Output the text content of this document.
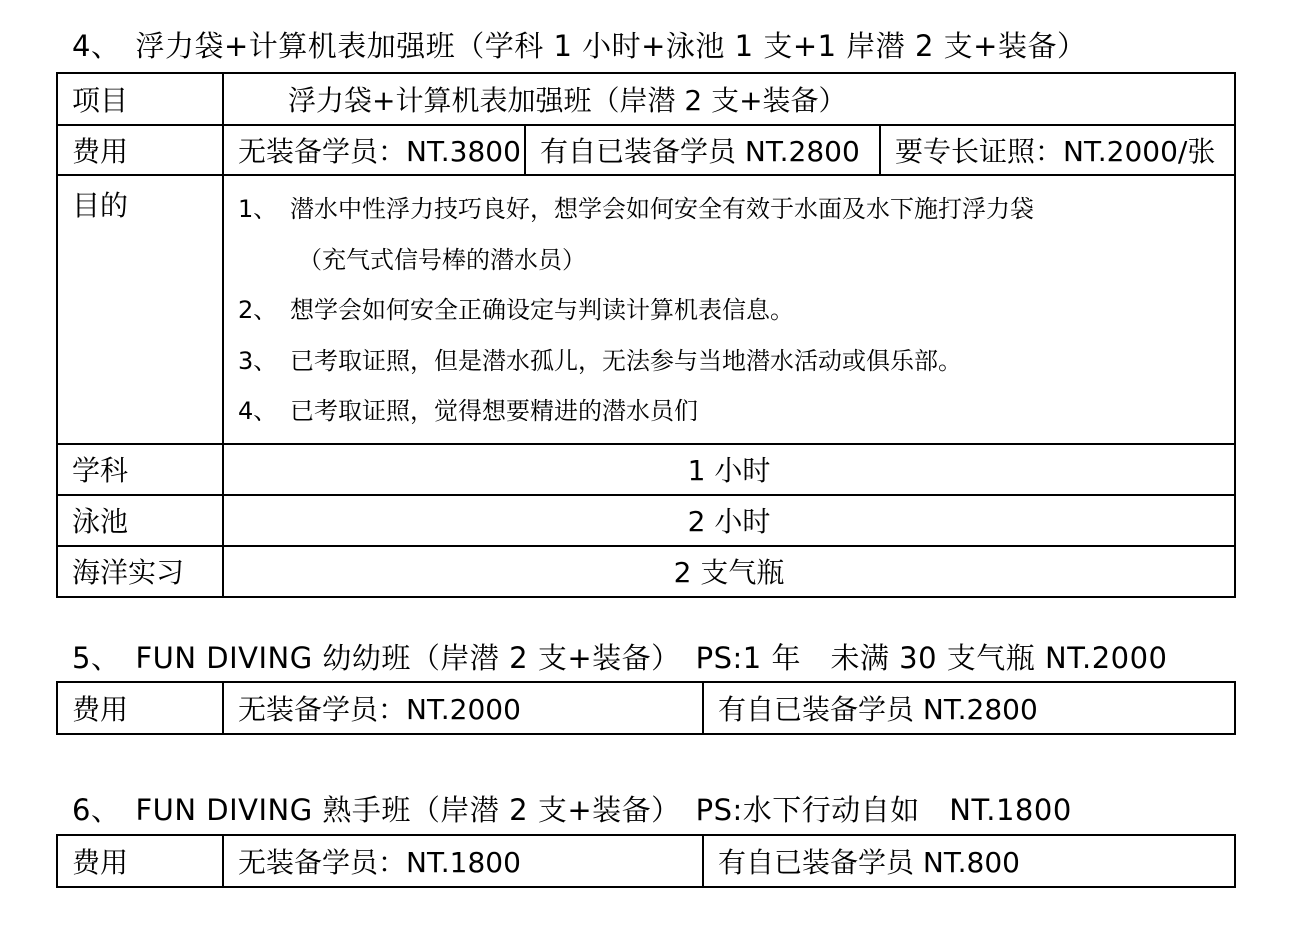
4、　浮力袋+计算机表加强班（学科 1 小时+泳池 1 支+1 岸潜 2 支+装备）
项目	浮力袋+计算机表加强班（岸潜 2 支+装备）		
费用	无装备学员：NT.3800	有自已装备学员 NT.2800	要专长证照：NT.2000/张
目的	1、 潜水中性浮力技巧良好，想学会如何安全有效于水面及水下施打浮力袋
（充气式信号棒的潜水员）
2、 想学会如何安全正确设定与判读计算机表信息。
3、 已考取证照，但是潜水孤儿，无法参与当地潜水活动或俱乐部。
4、 已考取证照，觉得想要精进的潜水员们		

学科	1 小时		
泳池	2 小时		
海洋实习	2 支气瓶		
5、　FUN DIVING 幼幼班（岸潜 2 支+装备）　PS:1 年　未满 30 支气瓶 NT.2000
费用	无装备学员：NT.2000	有自已装备学员 NT.2800
6、　FUN DIVING 熟手班（岸潜 2 支+装备）　PS:水下行动自如　NT.1800
费用	无装备学员：NT.1800	有自已装备学员 NT.800
